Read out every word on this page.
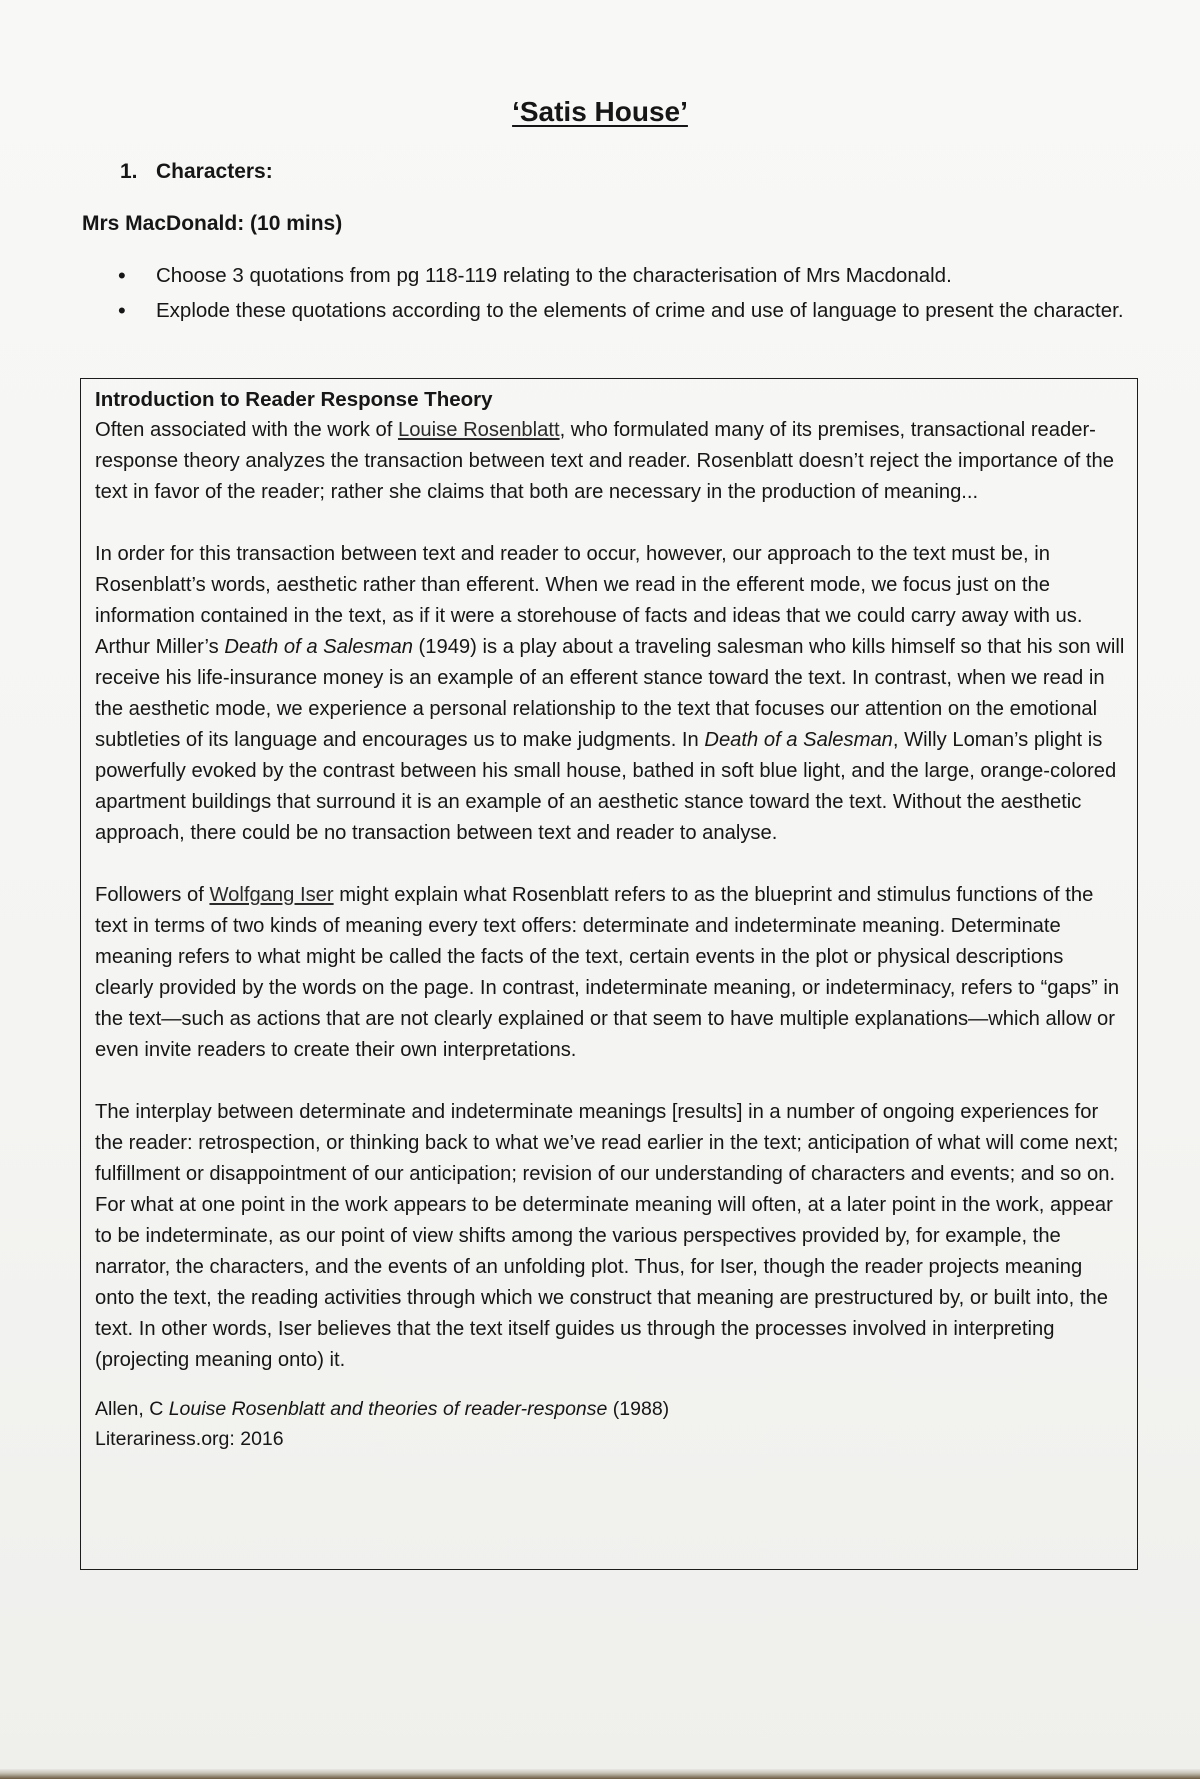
‘Satis House’
1. Characters:
Mrs MacDonald: (10 mins)
• Choose 3 quotations from pg 118-119 relating to the characterisation of Mrs Macdonald.
• Explode these quotations according to the elements of crime and use of language to present the character.
Introduction to Reader Response Theory

Often associated with the work of Louise Rosenblatt, who formulated many of its premises, transactional reader-response theory analyzes the transaction between text and reader. Rosenblatt doesn’t reject the importance of the text in favor of the reader; rather she claims that both are necessary in the production of meaning...

In order for this transaction between text and reader to occur, however, our approach to the text must be, in Rosenblatt’s words, aesthetic rather than efferent. When we read in the efferent mode, we focus just on the information contained in the text, as if it were a storehouse of facts and ideas that we could carry away with us. Arthur Miller’s Death of a Salesman (1949) is a play about a traveling salesman who kills himself so that his son will receive his life-insurance money is an example of an efferent stance toward the text. In contrast, when we read in the aesthetic mode, we experience a personal relationship to the text that focuses our attention on the emotional subtleties of its language and encourages us to make judgments. In Death of a Salesman, Willy Loman’s plight is powerfully evoked by the contrast between his small house, bathed in soft blue light, and the large, orange-colored apartment buildings that surround it is an example of an aesthetic stance toward the text. Without the aesthetic approach, there could be no transaction between text and reader to analyse.

Followers of Wolfgang Iser might explain what Rosenblatt refers to as the blueprint and stimulus functions of the text in terms of two kinds of meaning every text offers: determinate and indeterminate meaning. Determinate meaning refers to what might be called the facts of the text, certain events in the plot or physical descriptions clearly provided by the words on the page. In contrast, indeterminate meaning, or indeterminacy, refers to “gaps” in the text—such as actions that are not clearly explained or that seem to have multiple explanations—which allow or even invite readers to create their own interpretations.

The interplay between determinate and indeterminate meanings [results] in a number of ongoing experiences for the reader: retrospection, or thinking back to what we’ve read earlier in the text; anticipation of what will come next; fulfillment or disappointment of our anticipation; revision of our understanding of characters and events; and so on. For what at one point in the work appears to be determinate meaning will often, at a later point in the work, appear to be indeterminate, as our point of view shifts among the various perspectives provided by, for example, the narrator, the characters, and the events of an unfolding plot. Thus, for Iser, though the reader projects meaning onto the text, the reading activities through which we construct that meaning are prestructured by, or built into, the text. In other words, Iser believes that the text itself guides us through the processes involved in interpreting (projecting meaning onto) it.

Allen, C Louise Rosenblatt and theories of reader-response (1988)
Literariness.org: 2016
